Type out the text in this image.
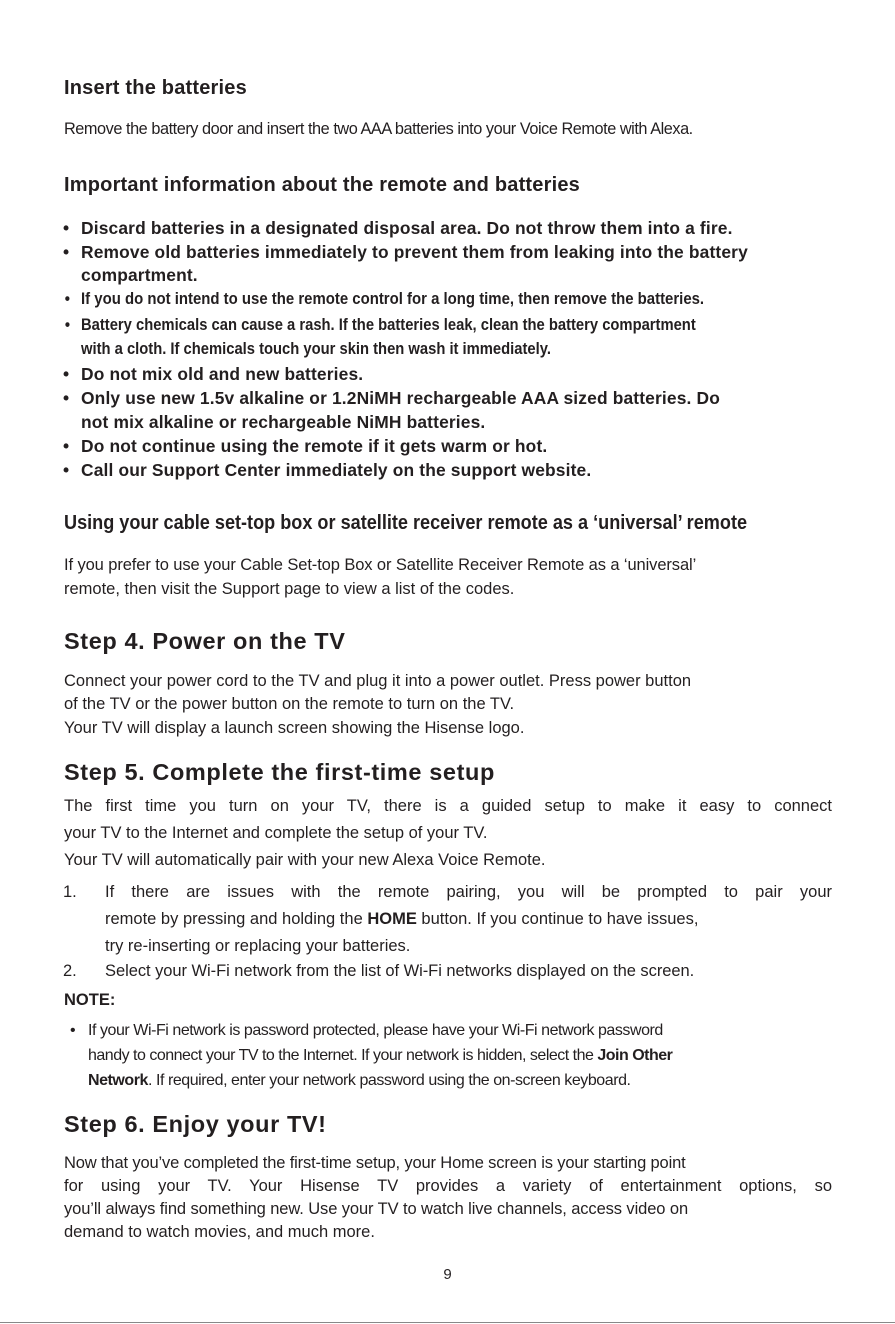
Insert the batteries
Remove the battery door and insert the two AAA batteries into your Voice Remote with Alexa.
Important information about the remote and batteries
• Discard batteries in a designated disposal area. Do not throw them into a fire.
• Remove old batteries immediately to prevent them from leaking into the battery
compartment.
• If you do not intend to use the remote control for a long time, then remove the batteries.
• Battery chemicals can cause a rash. If the batteries leak, clean the battery compartment
with a cloth. If chemicals touch your skin then wash it immediately.
• Do not mix old and new batteries.
• Only use new 1.5v alkaline or 1.2NiMH rechargeable AAA sized batteries. Do
not mix alkaline or rechargeable NiMH batteries.
• Do not continue using the remote if it gets warm or hot.
• Call our Support Center immediately on the support website.
Using your cable set-top box or satellite receiver remote as a ‘universal’ remote
If you prefer to use your Cable Set-top Box or Satellite Receiver Remote as a ‘universal’
remote, then visit the Support page to view a list of the codes.
Step 4. Power on the TV
Connect your power cord to the TV and plug it into a power outlet. Press power button
of the TV or the power button on the remote to turn on the TV.
Your TV will display a launch screen showing the Hisense logo.
Step 5. Complete the first-time setup
The first time you turn on your TV, there is a guided setup to make it easy to connect
your TV to the Internet and complete the setup of your TV.
Your TV will automatically pair with your new Alexa Voice Remote.
1. If there are issues with the remote pairing, you will be prompted to pair your
remote by pressing and holding the HOME button. If you continue to have issues,
try re-inserting or replacing your batteries.
2. Select your Wi-Fi network from the list of Wi-Fi networks displayed on the screen.
NOTE:
• If your Wi-Fi network is password protected, please have your Wi-Fi network password
handy to connect your TV to the Internet. If your network is hidden, select the Join Other
Network. If required, enter your network password using the on-screen keyboard.
Step 6. Enjoy your TV!
Now that you’ve completed the first-time setup, your Home screen is your starting point
for using your TV. Your Hisense TV provides a variety of entertainment options, so
you’ll always find something new. Use your TV to watch live channels, access video on
demand to watch movies, and much more.
9
